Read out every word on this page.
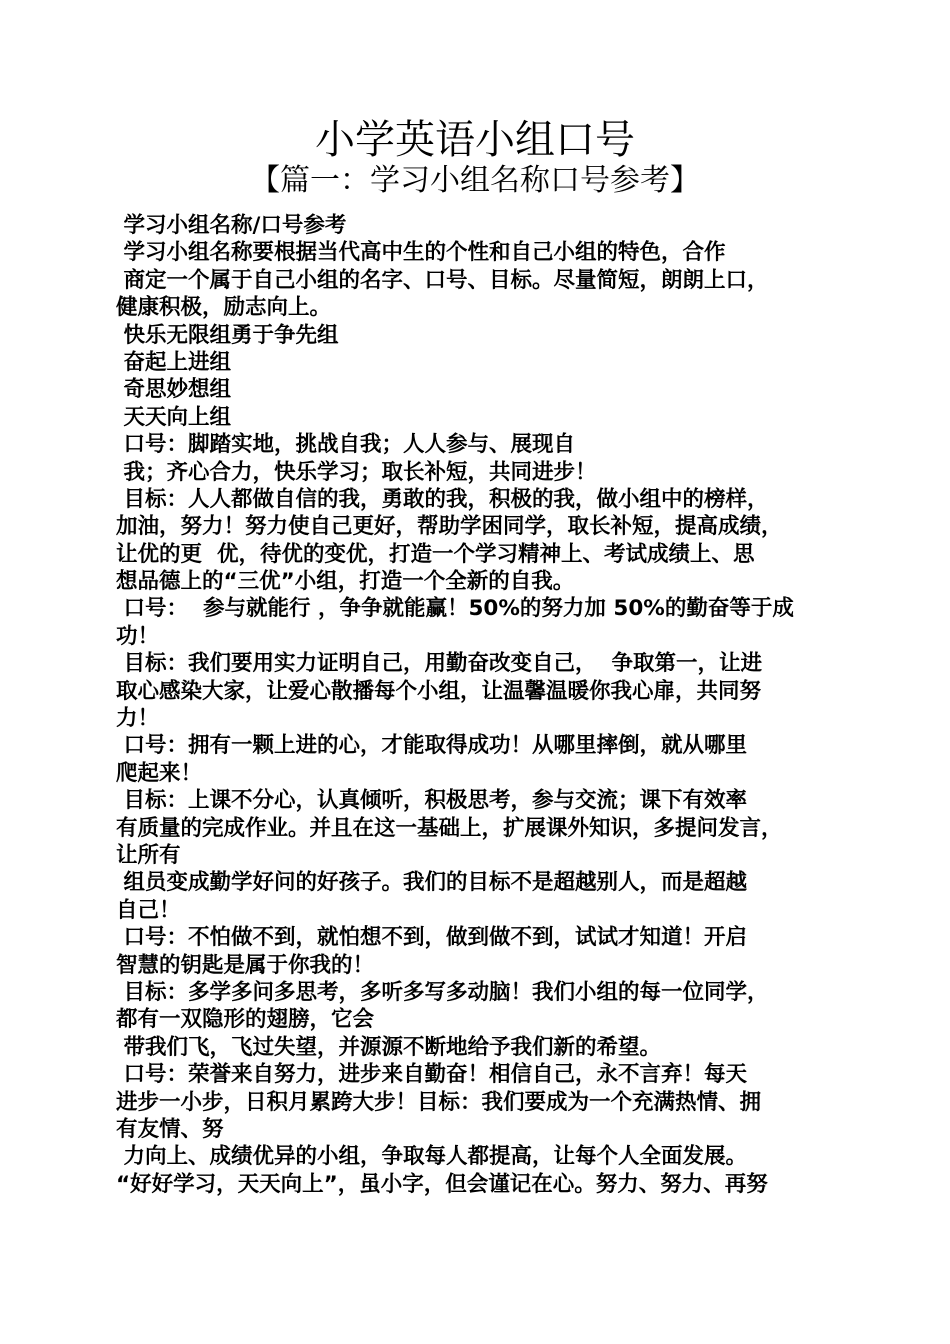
小学英语小组口号
【篇一：学习小组名称口号参考】
学习小组名称/口号参考
学习小组名称要根据当代高中生的个性和自己小组的特色，合作
商定一个属于自己小组的名字、口号、目标。尽量简短，朗朗上口，
健康积极，励志向上。
快乐无限组勇于争先组
奋起上进组
奇思妙想组
天天向上组
口号：脚踏实地，挑战自我；人人参与、展现自
我；齐心合力，快乐学习；取长补短，共同进步！
目标：人人都做自信的我，勇敢的我，积极的我，做小组中的榜样，
加油，努力！努力使自己更好，帮助学困同学，取长补短，提高成绩，
让优的更  优，待优的变优，打造一个学习精神上、考试成绩上、思
想品德上的“三优”小组，打造一个全新的自我。
口号：  参与就能行 ，争争就能赢！50%的努力加 50%的勤奋等于成
功！
目标：我们要用实力证明自己，用勤奋改变自己，  争取第一，让进
取心感染大家，让爱心散播每个小组，让温馨温暖你我心扉，共同努
力！
口号：拥有一颗上进的心，才能取得成功！从哪里摔倒，就从哪里
爬起来！
目标：上课不分心，认真倾听，积极思考，参与交流；课下有效率
有质量的完成作业。并且在这一基础上，扩展课外知识，多提问发言，
让所有
组员变成勤学好问的好孩子。我们的目标不是超越别人，而是超越
自己！
口号：不怕做不到，就怕想不到，做到做不到，试试才知道！开启
智慧的钥匙是属于你我的！
目标：多学多问多思考，多听多写多动脑！我们小组的每一位同学，
都有一双隐形的翅膀，它会
带我们飞，飞过失望，并源源不断地给予我们新的希望。
口号：荣誉来自努力，进步来自勤奋！相信自己，永不言弃！每天
进步一小步，日积月累跨大步！目标：我们要成为一个充满热情、拥
有友情、努
力向上、成绩优异的小组，争取每人都提高，让每个人全面发展。
“好好学习，天天向上”，虽小字，但会谨记在心。努力、努力、再努
